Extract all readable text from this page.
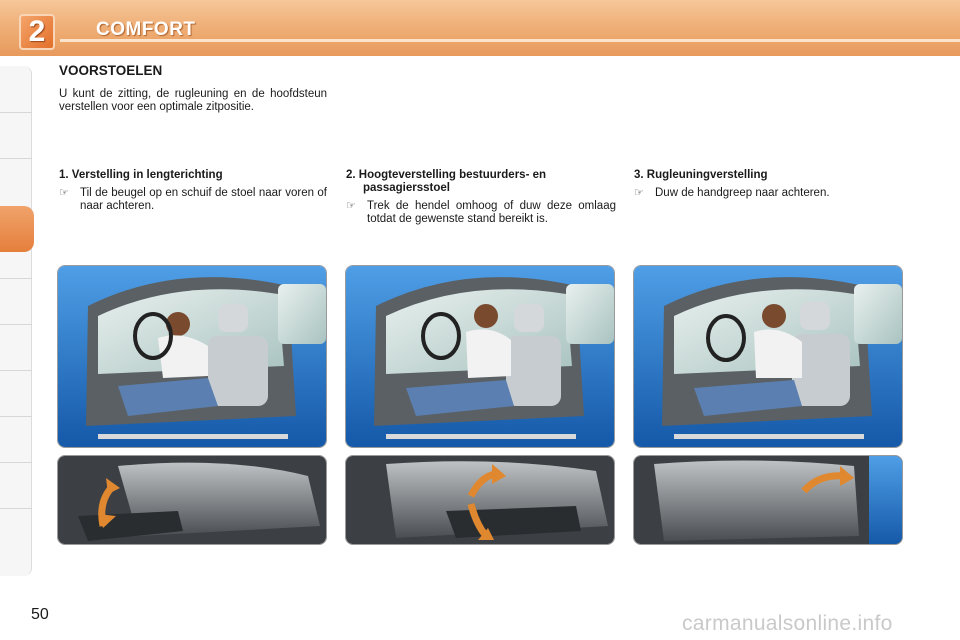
2	COMFORT
VOORSTOELEN
U kunt de zitting, de rugleuning en de hoofdsteun verstellen voor een optimale zitpositie.
1. Verstelling in lengterichting
☞ Til de beugel op en schuif de stoel naar voren of naar achteren.
2. Hoogteverstelling bestuurders- en passagiersstoel
☞ Trek de hendel omhoog of duw deze omlaag totdat de gewenste stand bereikt is.
3. Rugleuningverstelling
☞ Duw de handgreep naar achteren.
50	carmanualsonline.info
